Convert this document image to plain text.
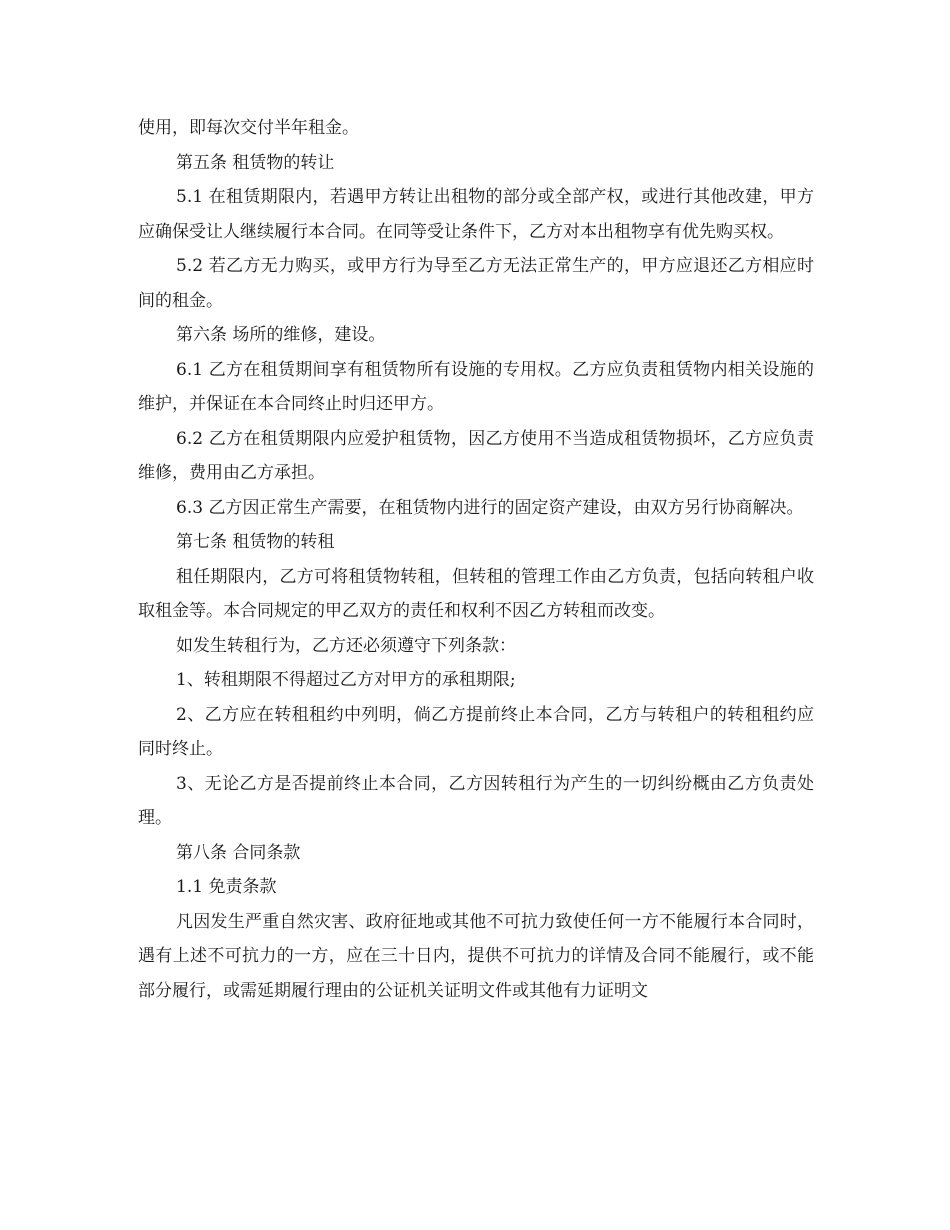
使用，即每次交付半年租金。

第五条 租赁物的转让

5.1 在租赁期限内，若遇甲方转让出租物的部分或全部产权，或进行其他改建，甲方应确保受让人继续履行本合同。在同等受让条件下，乙方对本出租物享有优先购买权。

5.2 若乙方无力购买，或甲方行为导至乙方无法正常生产的，甲方应退还乙方相应时间的租金。

第六条 场所的维修，建设。

6.1 乙方在租赁期间享有租赁物所有设施的专用权。乙方应负责租赁物内相关设施的维护，并保证在本合同终止时归还甲方。

6.2 乙方在租赁期限内应爱护租赁物，因乙方使用不当造成租赁物损坏，乙方应负责维修，费用由乙方承担。

6.3 乙方因正常生产需要，在租赁物内进行的固定资产建设，由双方另行协商解决。

第七条 租赁物的转租

租任期限内，乙方可将租赁物转租，但转租的管理工作由乙方负责，包括向转租户收取租金等。本合同规定的甲乙双方的责任和权利不因乙方转租而改变。

如发生转租行为，乙方还必须遵守下列条款：

1、转租期限不得超过乙方对甲方的承租期限;

2、乙方应在转租租约中列明，倘乙方提前终止本合同，乙方与转租户的转租租约应同时终止。

3、无论乙方是否提前终止本合同，乙方因转租行为产生的一切纠纷概由乙方负责处理。

第八条 合同条款

1.1 免责条款

凡因发生严重自然灾害、政府征地或其他不可抗力致使任何一方不能履行本合同时，遇有上述不可抗力的一方，应在三十日内，提供不可抗力的详情及合同不能履行，或不能部分履行，或需延期履行理由的公证机关证明文件或其他有力证明文
